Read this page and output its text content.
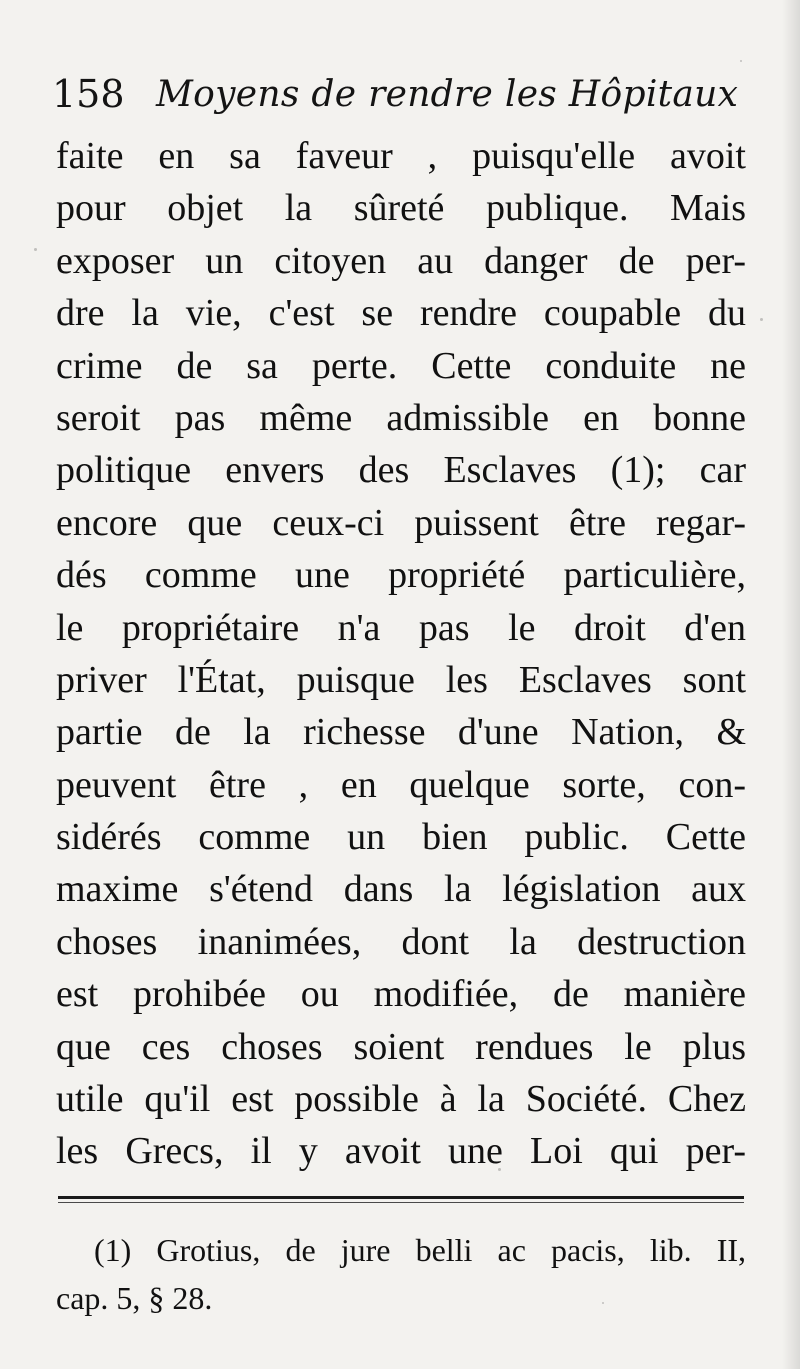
158 Moyens de rendre les Hôpitaux
faite en sa faveur , puisqu'elle avoit
pour objet la sûreté publique. Mais
exposer un citoyen au danger de per-
dre la vie, c'est se rendre coupable du
crime de sa perte. Cette conduite ne
seroit pas même admissible en bonne
politique envers des Esclaves (1); car
encore que ceux-ci puissent être regar-
dés comme une propriété particulière,
le propriétaire n'a pas le droit d'en
priver l'État, puisque les Esclaves sont
partie de la richesse d'une Nation, &
peuvent être , en quelque sorte, con-
sidérés comme un bien public. Cette
maxime s'étend dans la législation aux
choses inanimées, dont la destruction
est prohibée ou modifiée, de manière
que ces choses soient rendues le plus
utile qu'il est possible à la Société. Chez
les Grecs, il y avoit une Loi qui per-
(1) Grotius, de jure belli ac pacis, lib. II,
cap. 5, § 28.
